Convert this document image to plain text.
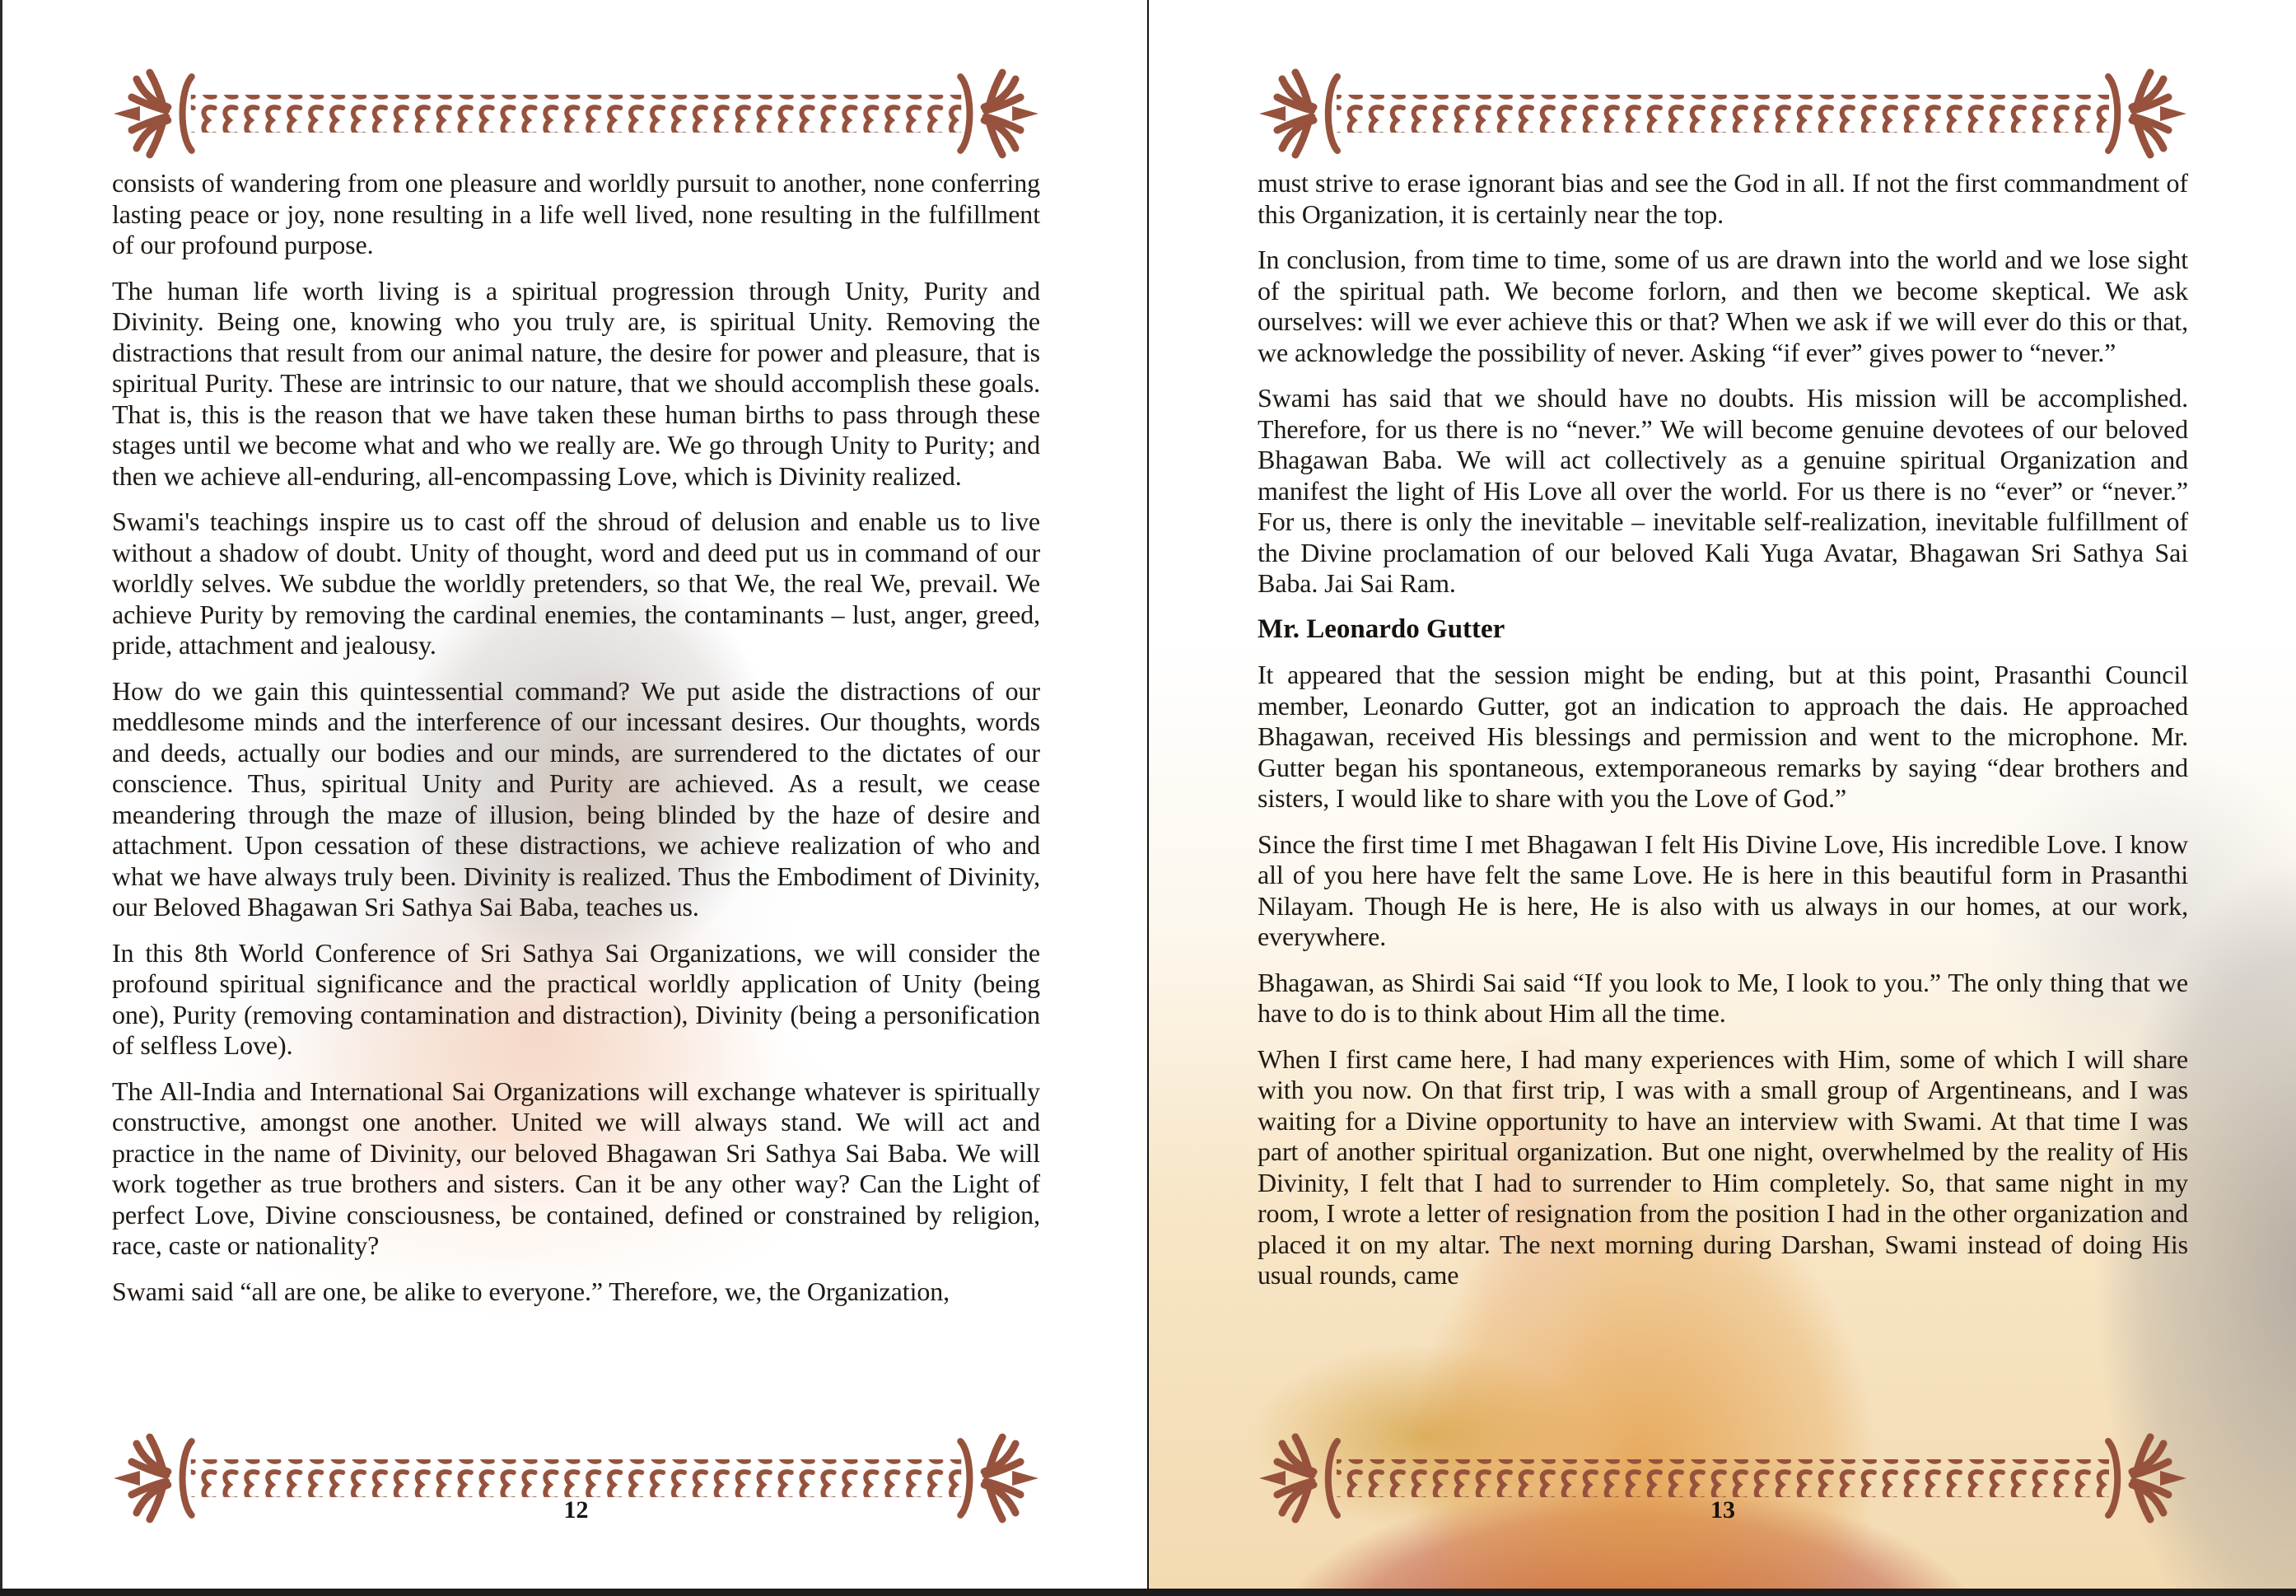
consists of wandering from one pleasure and worldly pursuit to another, none conferring lasting peace or joy, none resulting in a life well lived, none resulting in the fulfillment of our profound purpose.

The human life worth living is a spiritual progression through Unity, Purity and Divinity. Being one, knowing who you truly are, is spiritual Unity. Removing the distractions that result from our animal nature, the desire for power and pleasure, that is spiritual Purity. These are intrinsic to our nature, that we should accomplish these goals. That is, this is the reason that we have taken these human births to pass through these stages until we become what and who we really are. We go through Unity to Purity; and then we achieve all-enduring, all-encompassing Love, which is Divinity realized.

Swami's teachings inspire us to cast off the shroud of delusion and enable us to live without a shadow of doubt. Unity of thought, word and deed put us in command of our worldly selves. We subdue the worldly pretenders, so that We, the real We, prevail. We achieve Purity by removing the cardinal enemies, the contaminants – lust, anger, greed, pride, attachment and jealousy.

How do we gain this quintessential command? We put aside the distractions of our meddlesome minds and the interference of our incessant desires. Our thoughts, words and deeds, actually our bodies and our minds, are surrendered to the dictates of our conscience. Thus, spiritual Unity and Purity are achieved. As a result, we cease meandering through the maze of illusion, being blinded by the haze of desire and attachment. Upon cessation of these distractions, we achieve realization of who and what we have always truly been. Divinity is realized. Thus the Embodiment of Divinity, our Beloved Bhagawan Sri Sathya Sai Baba, teaches us.

In this 8th World Conference of Sri Sathya Sai Organizations, we will consider the profound spiritual significance and the practical worldly application of Unity (being one), Purity (removing contamination and distraction), Divinity (being a personification of selfless Love).

The All-India and International Sai Organizations will exchange whatever is spiritually constructive, amongst one another. United we will always stand. We will act and practice in the name of Divinity, our beloved Bhagawan Sri Sathya Sai Baba. We will work together as true brothers and sisters. Can it be any other way? Can the Light of perfect Love, Divine consciousness, be contained, defined or constrained by religion, race, caste or nationality?

Swami said “all are one, be alike to everyone.” Therefore, we, the Organization,

12

must strive to erase ignorant bias and see the God in all. If not the first commandment of this Organization, it is certainly near the top.

In conclusion, from time to time, some of us are drawn into the world and we lose sight of the spiritual path. We become forlorn, and then we become skeptical. We ask ourselves: will we ever achieve this or that? When we ask if we will ever do this or that, we acknowledge the possibility of never. Asking “if ever” gives power to “never.”

Swami has said that we should have no doubts. His mission will be accomplished. Therefore, for us there is no “never.” We will become genuine devotees of our beloved Bhagawan Baba. We will act collectively as a genuine spiritual Organization and manifest the light of His Love all over the world. For us there is no “ever” or “never.” For us, there is only the inevitable – inevitable self-realization, inevitable fulfillment of the Divine proclamation of our beloved Kali Yuga Avatar, Bhagawan Sri Sathya Sai Baba. Jai Sai Ram.

Mr. Leonardo Gutter

It appeared that the session might be ending, but at this point, Prasanthi Council member, Leonardo Gutter, got an indication to approach the dais. He approached Bhagawan, received His blessings and permission and went to the microphone. Mr. Gutter began his spontaneous, extemporaneous remarks by saying “dear brothers and sisters, I would like to share with you the Love of God.”

Since the first time I met Bhagawan I felt His Divine Love, His incredible Love. I know all of you here have felt the same Love. He is here in this beautiful form in Prasanthi Nilayam. Though He is here, He is also with us always in our homes, at our work, everywhere.

Bhagawan, as Shirdi Sai said “If you look to Me, I look to you.” The only thing that we have to do is to think about Him all the time.

When I first came here, I had many experiences with Him, some of which I will share with you now. On that first trip, I was with a small group of Argentineans, and I was waiting for a Divine opportunity to have an interview with Swami. At that time I was part of another spiritual organization. But one night, overwhelmed by the reality of His Divinity, I felt that I had to surrender to Him completely. So, that same night in my room, I wrote a letter of resignation from the position I had in the other organization and placed it on my altar. The next morning during Darshan, Swami instead of doing His usual rounds, came

13
